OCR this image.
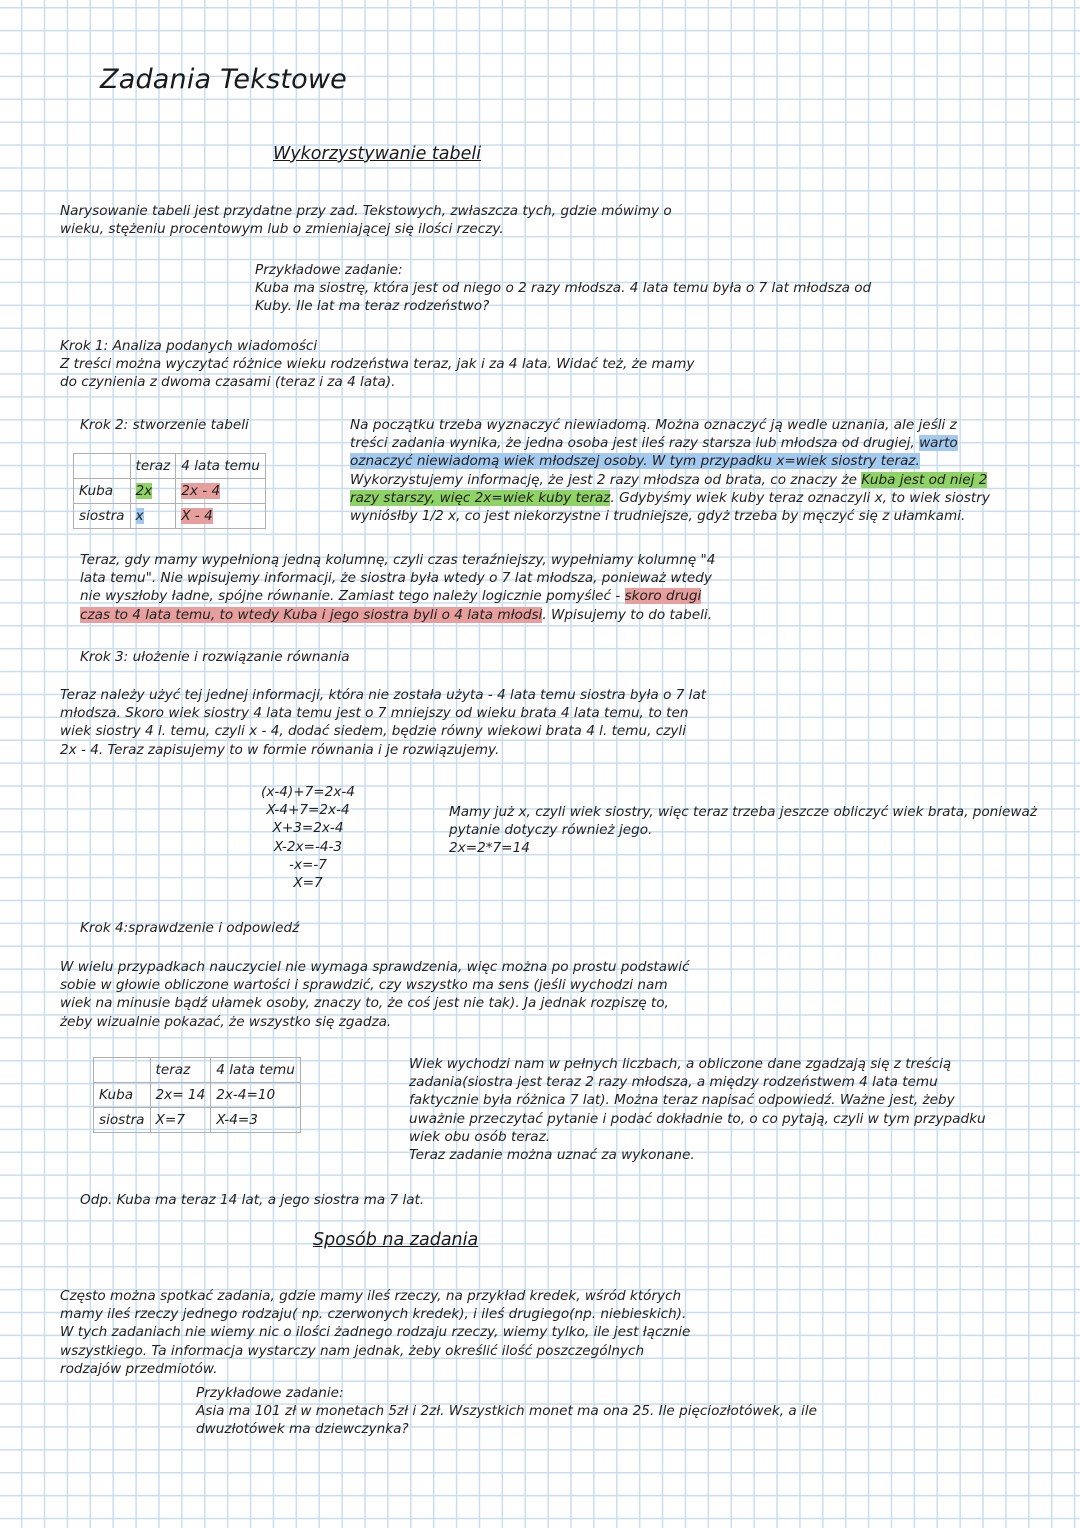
Zadania Tekstowe
Wykorzystywanie tabeli
Narysowanie tabeli jest przydatne przy zad. Tekstowych, zwłaszcza tych, gdzie mówimy o
wieku, stężeniu procentowym lub o zmieniającej się ilości rzeczy.
Przykładowe zadanie:
Kuba ma siostrę, która jest od niego o 2 razy młodsza. 4 lata temu była o 7 lat młodsza od
Kuby. Ile lat ma teraz rodzeństwo?
Krok 1: Analiza podanych wiadomości
Z treści można wyczytać różnice wieku rodzeństwa teraz, jak i za 4 lata. Widać też, że mamy
do czynienia z dwoma czasami (teraz i za 4 lata).
Krok 2: stworzenie tabeli
	teraz	4 lata temu
Kuba	2x	2x - 4
siostra	x	X - 4
Na początku trzeba wyznaczyć niewiadomą. Można oznaczyć ją wedle uznania, ale jeśli z
treści zadania wynika, że jedna osoba jest ileś razy starsza lub młodsza od drugiej, warto
oznaczyć niewiadomą wiek młodszej osoby. W tym przypadku x=wiek siostry teraz.
Wykorzystujemy informację, że jest 2 razy młodsza od brata, co znaczy że Kuba jest od niej 2
razy starszy, więc 2x=wiek kuby teraz. Gdybyśmy wiek kuby teraz oznaczyli x, to wiek siostry
wyniósłby 1/2 x, co jest niekorzystne i trudniejsze, gdyż trzeba by męczyć się z ułamkami.
Teraz, gdy mamy wypełnioną jedną kolumnę, czyli czas teraźniejszy, wypełniamy kolumnę "4
lata temu". Nie wpisujemy informacji, że siostra była wtedy o 7 lat młodsza, ponieważ wtedy
nie wyszłoby ładne, spójne równanie. Zamiast tego należy logicznie pomyśleć - skoro drugi
czas to 4 lata temu, to wtedy Kuba i jego siostra byli o 4 lata młodsi. Wpisujemy to do tabeli.
Krok 3: ułożenie i rozwiązanie równania
Teraz należy użyć tej jednej informacji, która nie została użyta - 4 lata temu siostra była o 7 lat
młodsza. Skoro wiek siostry 4 lata temu jest o 7 mniejszy od wieku brata 4 lata temu, to ten
wiek siostry 4 l. temu, czyli x - 4, dodać siedem, będzie równy wiekowi brata 4 l. temu, czyli
2x - 4. Teraz zapisujemy to w formie równania i je rozwiązujemy.
(x-4)+7=2x-4
X-4+7=2x-4
X+3=2x-4
X-2x=-4-3
-x=-7
X=7
Mamy już x, czyli wiek siostry, więc teraz trzeba jeszcze obliczyć wiek brata, ponieważ
pytanie dotyczy również jego.
2x=2*7=14
Krok 4:sprawdzenie i odpowiedź
W wielu przypadkach nauczyciel nie wymaga sprawdzenia, więc można po prostu podstawić
sobie w głowie obliczone wartości i sprawdzić, czy wszystko ma sens (jeśli wychodzi nam
wiek na minusie bądź ułamek osoby, znaczy to, że coś jest nie tak). Ja jednak rozpiszę to,
żeby wizualnie pokazać, że wszystko się zgadza.
	teraz	4 lata temu
Kuba	2x= 14	2x-4=10
siostra	X=7	X-4=3
Wiek wychodzi nam w pełnych liczbach, a obliczone dane zgadzają się z treścią
zadania(siostra jest teraz 2 razy młodsza, a między rodzeństwem 4 lata temu
faktycznie była różnica 7 lat). Można teraz napisać odpowiedź. Ważne jest, żeby
uważnie przeczytać pytanie i podać dokładnie to, o co pytają, czyli w tym przypadku
wiek obu osób teraz.
Teraz zadanie można uznać za wykonane.
Odp. Kuba ma teraz 14 lat, a jego siostra ma 7 lat.
Sposób na zadania
Często można spotkać zadania, gdzie mamy ileś rzeczy, na przykład kredek, wśród których
mamy ileś rzeczy jednego rodzaju( np. czerwonych kredek), i ileś drugiego(np. niebieskich).
W tych zadaniach nie wiemy nic o ilości żadnego rodzaju rzeczy, wiemy tylko, ile jest łącznie
wszystkiego. Ta informacja wystarczy nam jednak, żeby określić ilość poszczególnych
rodzajów przedmiotów.
Przykładowe zadanie:
Asia ma 101 zł w monetach 5zł i 2zł. Wszystkich monet ma ona 25. Ile pięciozłotówek, a ile
dwuzłotówek ma dziewczynka?
